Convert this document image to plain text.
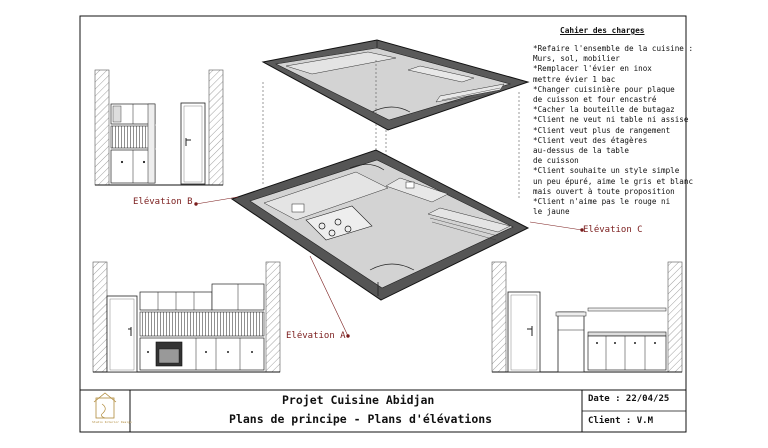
Elévation B
Elévation A
Elévation C
Cahier des charges

*Refaire l'ensemble de la cuisine :

Murs, sol, mobilier

*Remplacer l'évier en inox

mettre évier 1 bac

*Changer cuisinière pour plaque

de cuisson et four encastré

*Cacher la bouteille de butagaz

*Client ne veut ni table ni assise

*Client veut plus de rangement

*Client veut des étagères

au-dessus de la table

de cuisson

*Client souhaite un style simple

un peu épuré, aime le gris et blanc

mais ouvert à toute proposition

*Client n'aime pas le rouge ni

le jaune

Projet Cuisine Abidjan
Plans de principe - Plans d'élévations
Date : 22/04/25
Client : V.M
Studio Interior Design
